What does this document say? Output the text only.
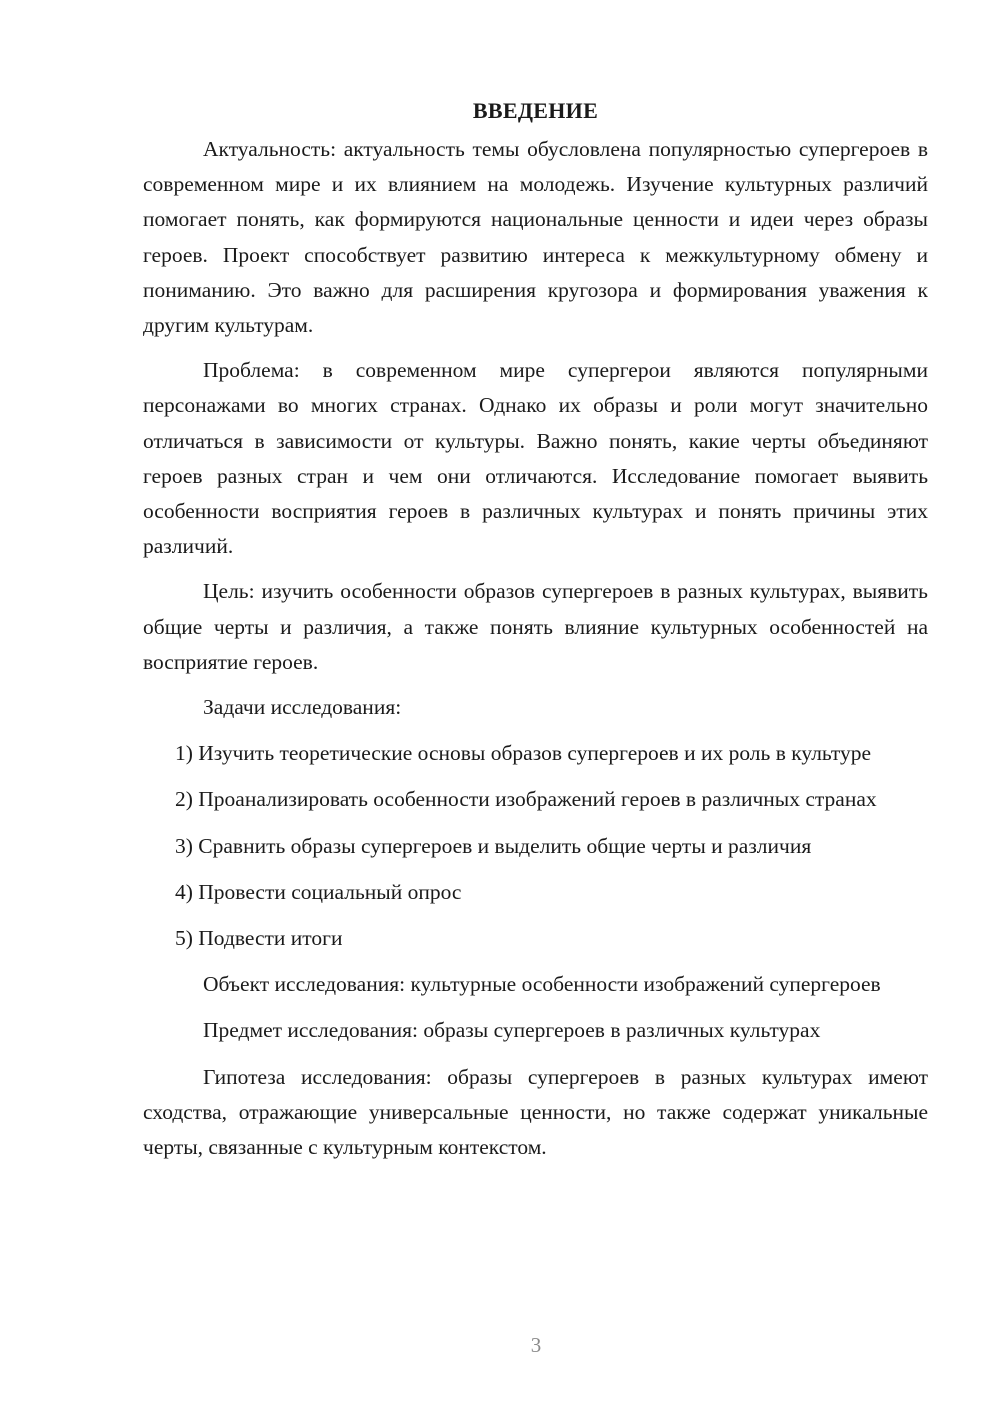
ВВЕДЕНИЕ

Актуальность: актуальность темы обусловлена популярностью супергероев в современном мире и их влиянием на молодежь. Изучение культурных различий помогает понять, как формируются национальные ценности и идеи через образы героев. Проект способствует развитию интереса к межкультурному обмену и пониманию. Это важно для расширения кругозора и формирования уважения к другим культурам.

Проблема: в современном мире супергерои являются популярными персонажами во многих странах. Однако их образы и роли могут значительно отличаться в зависимости от культуры. Важно понять, какие черты объединяют героев разных стран и чем они отличаются. Исследование помогает выявить особенности восприятия героев в различных культурах и понять причины этих различий.

Цель: изучить особенности образов супергероев в разных культурах, выявить общие черты и различия, а также понять влияние культурных особенностей на восприятие героев.

Задачи исследования:

1) Изучить теоретические основы образов супергероев и их роль в культуре

2) Проанализировать особенности изображений героев в различных странах

3) Сравнить образы супергероев и выделить общие черты и различия

4) Провести социальный опрос

5) Подвести итоги

Объект исследования: культурные особенности изображений супергероев

Предмет исследования: образы супергероев в различных культурах

Гипотеза исследования: образы супергероев в разных культурах имеют сходства, отражающие универсальные ценности, но также содержат уникальные черты, связанные с культурным контекстом.

3
